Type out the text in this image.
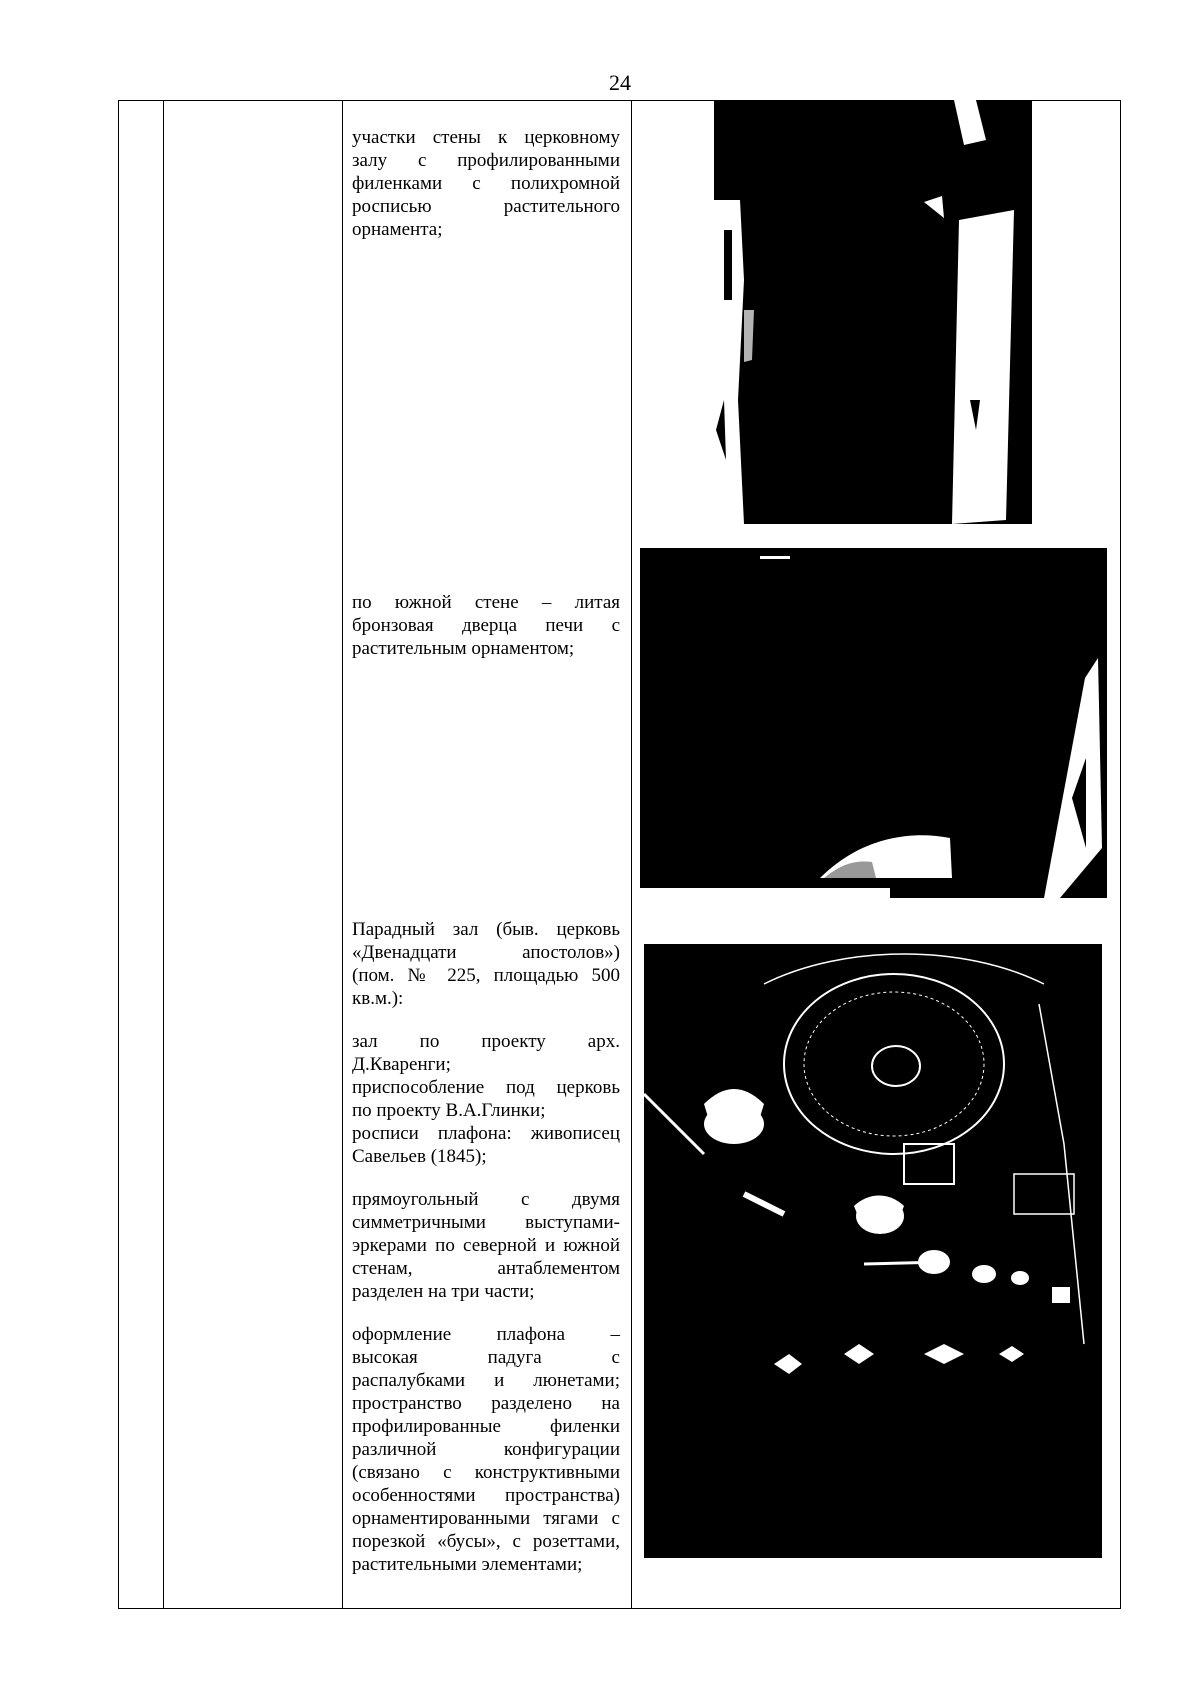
24

участки стены к церковному
залу с профилированными
филенками с полихромной
росписью растительного
орнамента;

по южной стене – литая
бронзовая дверца печи с
растительным орнаментом;

Парадный зал (быв. церковь
«Двенадцати апостолов»)
(пом. № 225, площадью 500
кв.м.):

зал по проекту арх.
Д.Кваренги;
приспособление под церковь
по проекту В.А.Глинки;
росписи плафона: живописец
Савельев (1845);

прямоугольный с двумя
симметричными выступами-
эркерами по северной и южной
стенам, антаблементом
разделен на три части;

оформление плафона –
высокая падуга с
распалубками и люнетами;
пространство разделено на
профилированные филенки
различной конфигурации
(связано с конструктивными
особенностями пространства)
орнаментированными тягами с
порезкой «бусы», с розеттами,
растительными элементами;
